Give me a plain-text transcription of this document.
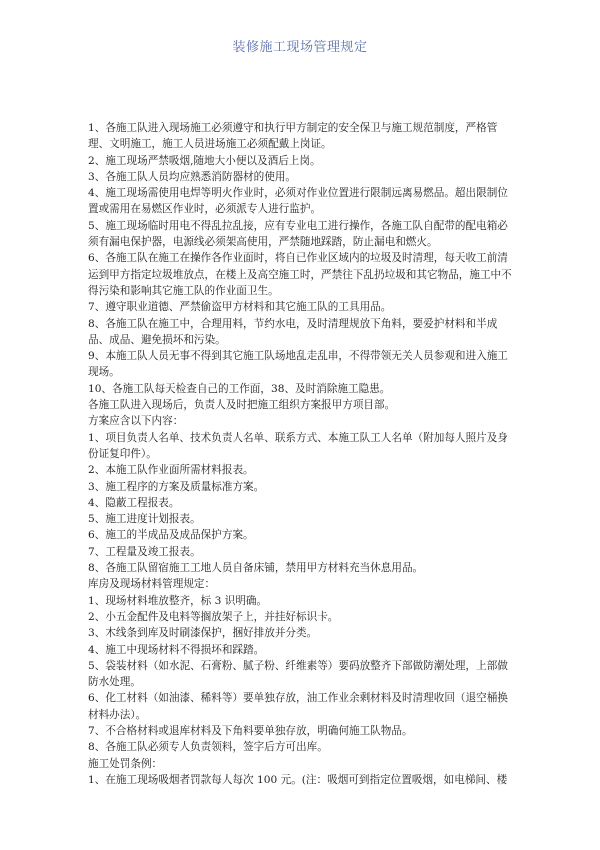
装修施工现场管理规定

1、各施工队进入现场施工必须遵守和执行甲方制定的安全保卫与施工规范制度，严格管理、文明施工，施工人员进场施工必须配戴上岗证。

2、施工现场严禁吸烟,随地大小便以及酒后上岗。

3、各施工队人员均应熟悉消防器材的使用。

4、施工现场需使用电焊等明火作业时，必须对作业位置进行限制远离易燃品。超出限制位置或需用在易燃区作业时，必须派专人进行监护。

5、施工现场临时用电不得乱拉乱接，应有专业电工进行操作，各施工队自配带的配电箱必须有漏电保护器，电源线必须架高使用，严禁随地踩踏，防止漏电和燃火。

6、各施工队在施工在操作各作业面时，将自已作业区域内的垃圾及时清理，每天收工前清运到甲方指定垃圾堆放点，在楼上及高空施工时，严禁往下乱扔垃圾和其它物品，施工中不得污染和影响其它施工队的作业面卫生。

7、遵守职业道德、严禁偷盗甲方材料和其它施工队的工具用品。

8、各施工队在施工中，合理用料，节约水电，及时清理规放下角料，要爱护材料和半成品、成品、避免损坏和污染。

9、本施工队人员无事不得到其它施工队场地乱走乱串，不得带领无关人员参观和进入施工现场。

10、各施工队每天检查自己的工作面，38、及时消除施工隐患。

各施工队进入现场后，负责人及时把施工组织方案报甲方项目部。

方案应含以下内容：

1、项目负责人名单、技术负责人名单、联系方式、本施工队工人名单（附加每人照片及身份证复印件）。

2、本施工队作业面所需材料报表。

3、施工程序的方案及质量标准方案。

4、隐蔽工程报表。

5、施工进度计划报表。

6、施工的半成品及成品保护方案。

7、工程量及竣工报表。

8、各施工队留宿施工工地人员自备床铺，禁用甲方材料充当休息用品。

库房及现场材料管理规定：

1、现场材料堆放整齐，标 3 识明确。

2、小五金配件及电料等搁放架子上，并挂好标识卡。

3、木线条到库及时刷漆保护，捆好排放并分类。

4、施工中现场材料不得损坏和踩踏。

5、袋装材料（如水泥、石膏粉、腻子粉、纤维素等）要码放整齐下部做防潮处理，上部做防水处理。

6、化工材料（如油漆、稀料等）要单独存放，油工作业余剩材料及时清理收回（退空桶换材料办法）。

7、不合格材料或退库材料及下角料要单独存放，明确何施工队物品。

8、各施工队必须专人负责领料，签字后方可出库。

施工处罚条例：

1、在施工现场吸烟者罚款每人每次 100 元。(注：吸烟可到指定位置吸烟，如电梯间、楼
